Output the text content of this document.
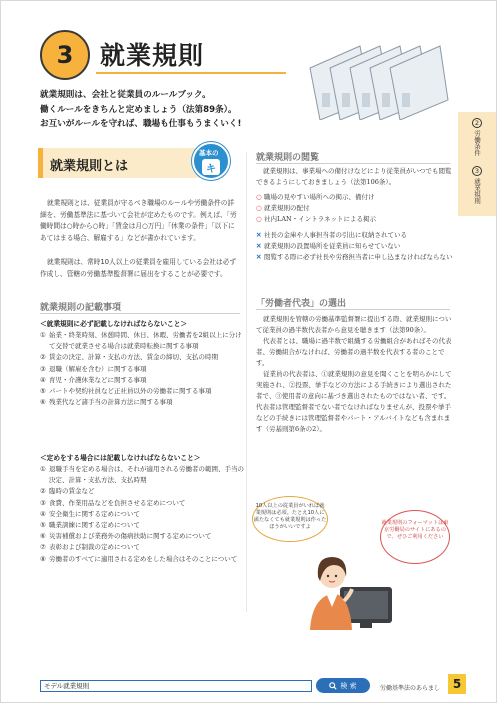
3 就業規則
就業規則は、会社と従業員のルールブック。
働くルールをきちんと定めましょう（法第89条）。
お互いがルールを守れば、職場も仕事もうまくいく!	2
労働条件
3
就業規則
就業規則とは
基本の
キ
就業規則とは、従業員が守るべき職場のルールや労働条件の詳細を、労働基準法に基づいて会社が定めたものです。例えば、「労働時間は○時から○時」「賃金は月○万円」「休業の条件」「以下にあてはまる場合、解雇する」などが書かれています。
就業規則は、常時10人以上の従業員を雇用している会社は必ず作成し、管轄の労働基準監督署に届出をすることが必要です。
就業規則の記載事項
＜就業規則に必ず記載しなければならないこと＞
① 始業・終業時刻、休憩時間、休日、休暇、労働者を2組以上に分けて交替で就業させる場合は就業時転換に関する事項
② 賃金の決定、計算・支払の方法、賃金の締切、支払の時期
③ 退職（解雇を含む）に関する事項
④ 育児・介護休業などに関する事項
⑤ パートや契約社員など正社員以外の労働者に関する事項
⑥ 残業代など諸手当の計算方法に関する事項
＜定めをする場合には記載しなければならないこと＞
① 退職手当を定める場合は、それが適用される労働者の範囲、手当の決定、計算・支払方法、支払時期
② 臨時の賃金など
③ 食費、作業用品などを負担させる定めについて
④ 安全衛生に関する定めについて
⑤ 職業訓練に関する定めについて
⑥ 災害補償および業務外の傷病扶助に関する定めについて
⑦ 表彰および制裁の定めについて
⑧ 労働者のすべてに適用される定めをした場合はそのことについて
就業規則の閲覧
就業規則は、事業場への備付けなどにより従業員がいつでも閲覧できるようにしておきましょう（法第106条）。
○ 職場の見やすい場所への掲示、備付け
○ 就業規則の配付
○ 社内LAN・イントラネットによる掲示
✕ 社長の金庫や人事担当者の引出に収納されている
✕ 就業規則の設置場所を従業員に知らせていない
✕ 閲覧する際に必ず社長や労務担当者に申し込まなければならない
「労働者代表」の選出
就業規則を管轄の労働基準監督署に提出する際、就業規則について従業員の過半数代表者から意見を聴きます（法第90条）。
代表者とは、職場に過半数で組織する労働組合があればその代表者、労働組合がなければ、労働者の過半数を代表する者のことです。
従業員の代表者は、①就業規則の意見を聞くことを明らかにして実施され、②投票、挙手などの方法による手続きにより選出された者で、③使用者の意向に基づき選出されたものではない者、です。代表者は管理監督者でない者でなければなりませんが、投票や挙手などの手続きには管理監督者やパート・アルバイトなども含まれます（労基則第6条の2）。
10人以上の従業員がいれば就業規則は必須。たとえ10人に満たなくても就業規則は作ったほうがいいですよ
就業規則のフォーマットは東京労働局のサイトにあるので、ぜひご利用ください
モデル就業規則	検 索	労働基準法のあらまし	5
